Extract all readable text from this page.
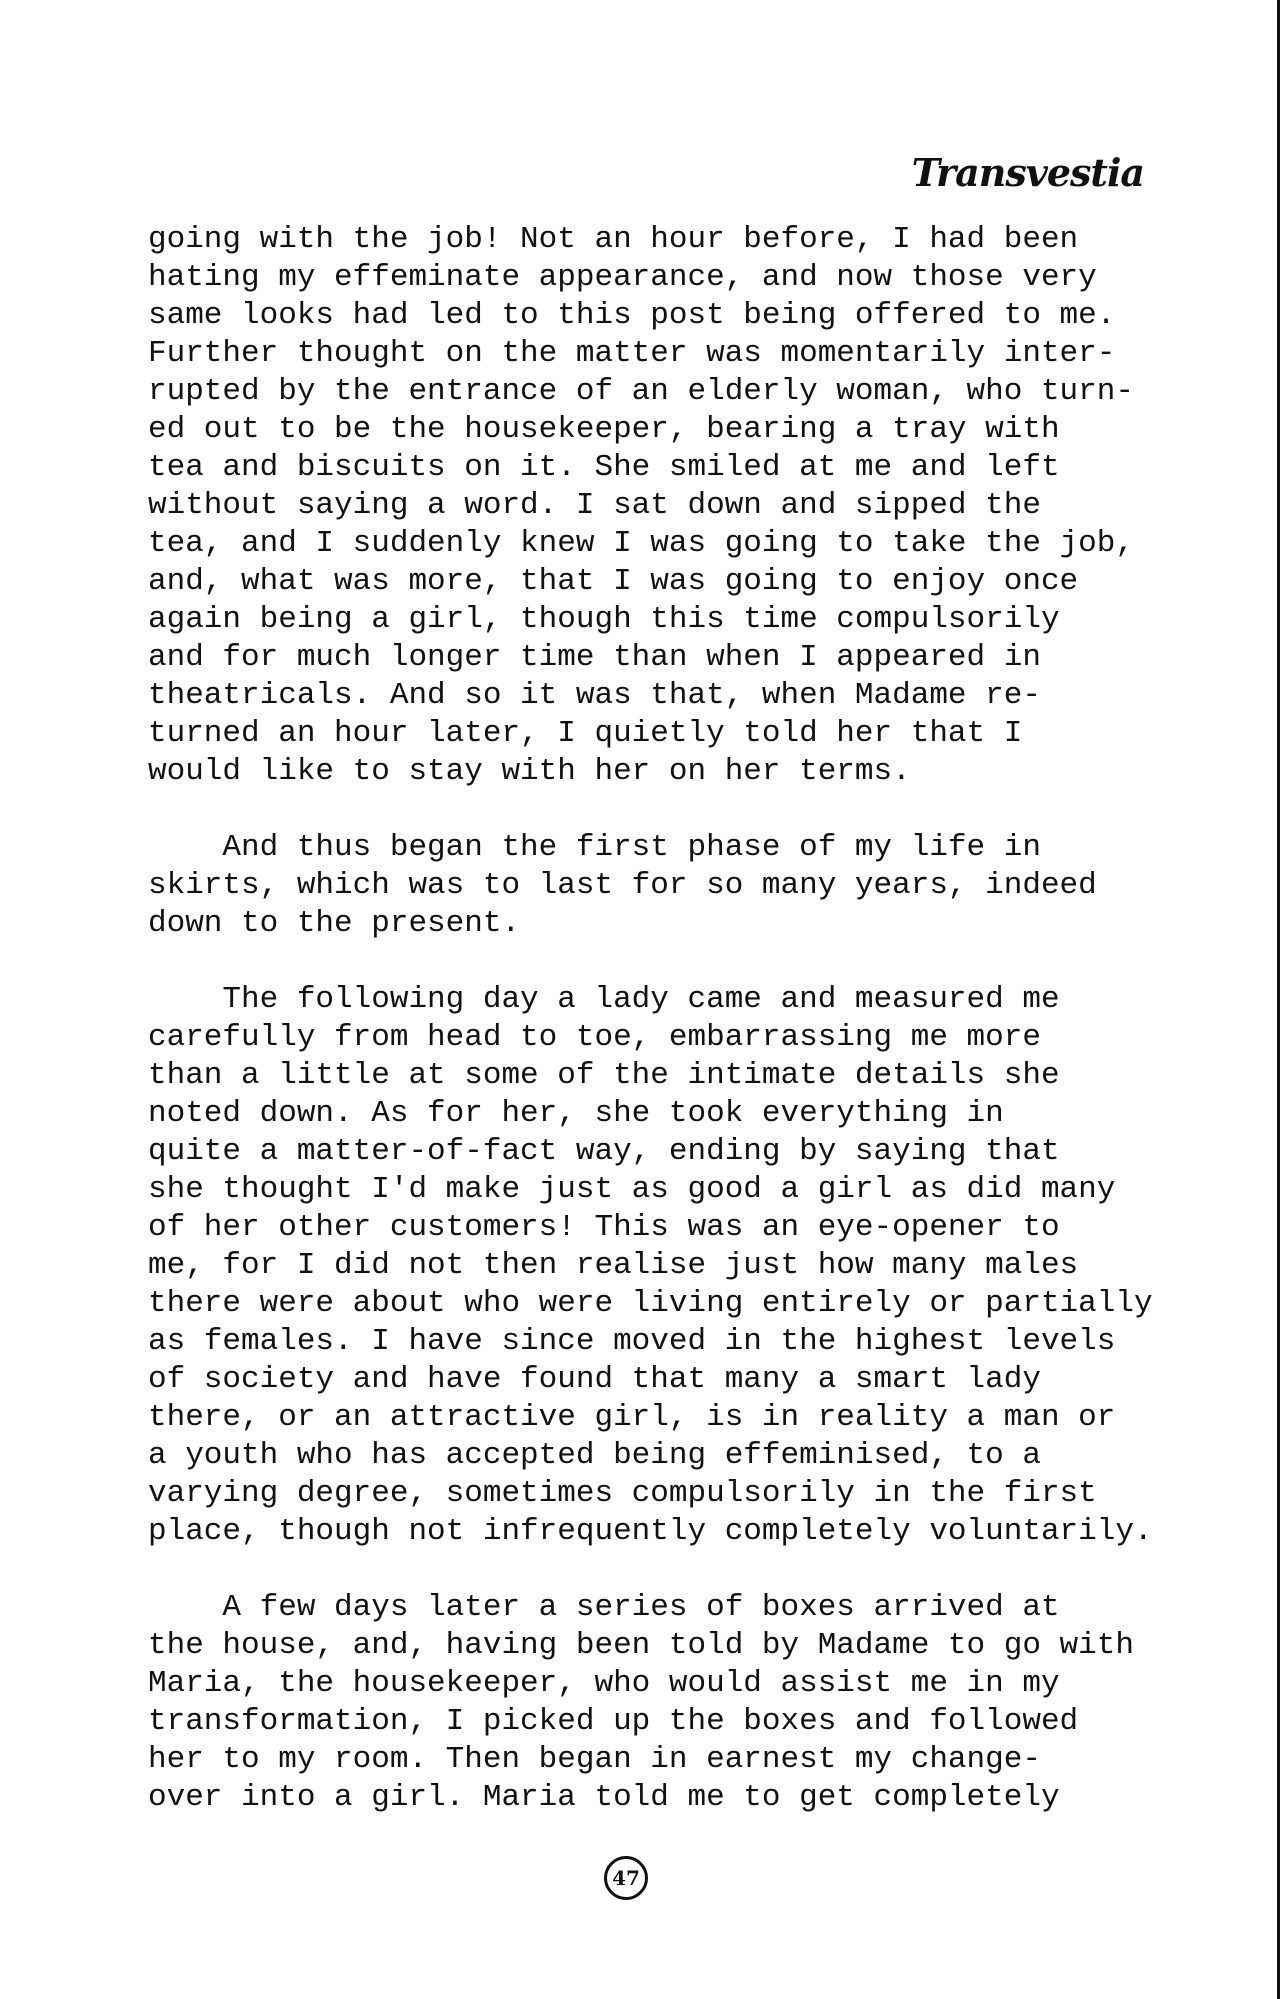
Transvestia
going with the job! Not an hour before, I had been
hating my effeminate appearance, and now those very
same looks had led to this post being offered to me.
Further thought on the matter was momentarily inter-
rupted by the entrance of an elderly woman, who turn-
ed out to be the housekeeper, bearing a tray with
tea and biscuits on it. She smiled at me and left
without saying a word. I sat down and sipped the
tea, and I suddenly knew I was going to take the job,
and, what was more, that I was going to enjoy once
again being a girl, though this time compulsorily
and for much longer time than when I appeared in
theatricals. And so it was that, when Madame re-
turned an hour later, I quietly told her that I
would like to stay with her on her terms.
And thus began the first phase of my life in
skirts, which was to last for so many years, indeed
down to the present.
The following day a lady came and measured me
carefully from head to toe, embarrassing me more
than a little at some of the intimate details she
noted down. As for her, she took everything in
quite a matter-of-fact way, ending by saying that
she thought I'd make just as good a girl as did many
of her other customers! This was an eye-opener to
me, for I did not then realise just how many males
there were about who were living entirely or partially
as females. I have since moved in the highest levels
of society and have found that many a smart lady
there, or an attractive girl, is in reality a man or
a youth who has accepted being effeminised, to a
varying degree, sometimes compulsorily in the first
place, though not infrequently completely voluntarily.
A few days later a series of boxes arrived at
the house, and, having been told by Madame to go with
Maria, the housekeeper, who would assist me in my
transformation, I picked up the boxes and followed
her to my room. Then began in earnest my change-
over into a girl. Maria told me to get completely
47
